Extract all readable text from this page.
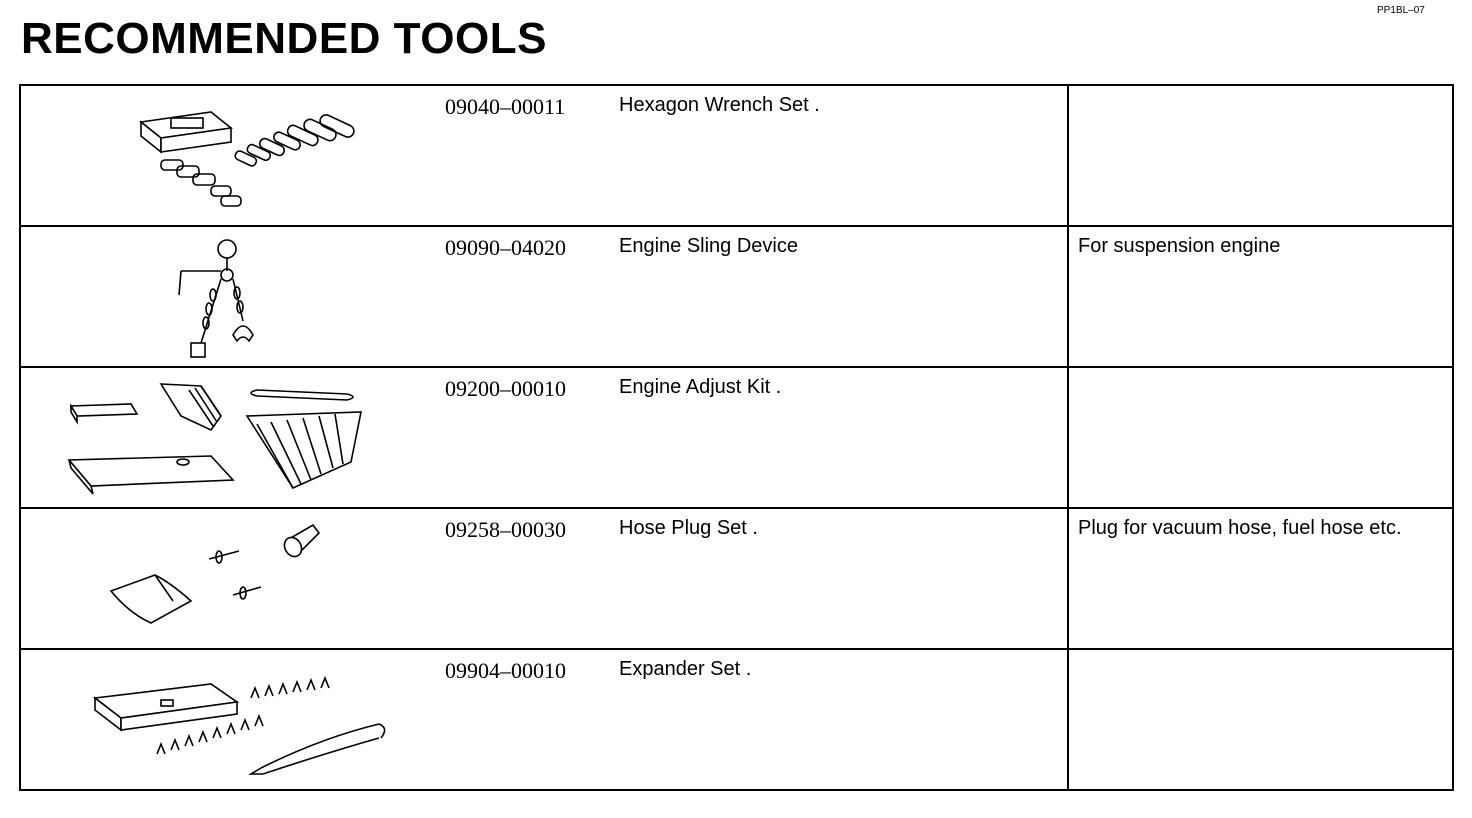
PP1BL–07
RECOMMENDED TOOLS
09040–00011 Hexagon Wrench Set .	

09090–04020 Engine Sling Device	For suspension engine

09200–00010 Engine Adjust Kit .	

09258–00030 Hose Plug Set .	Plug for vacuum hose, fuel hose etc.

09904–00010 Expander Set .	
